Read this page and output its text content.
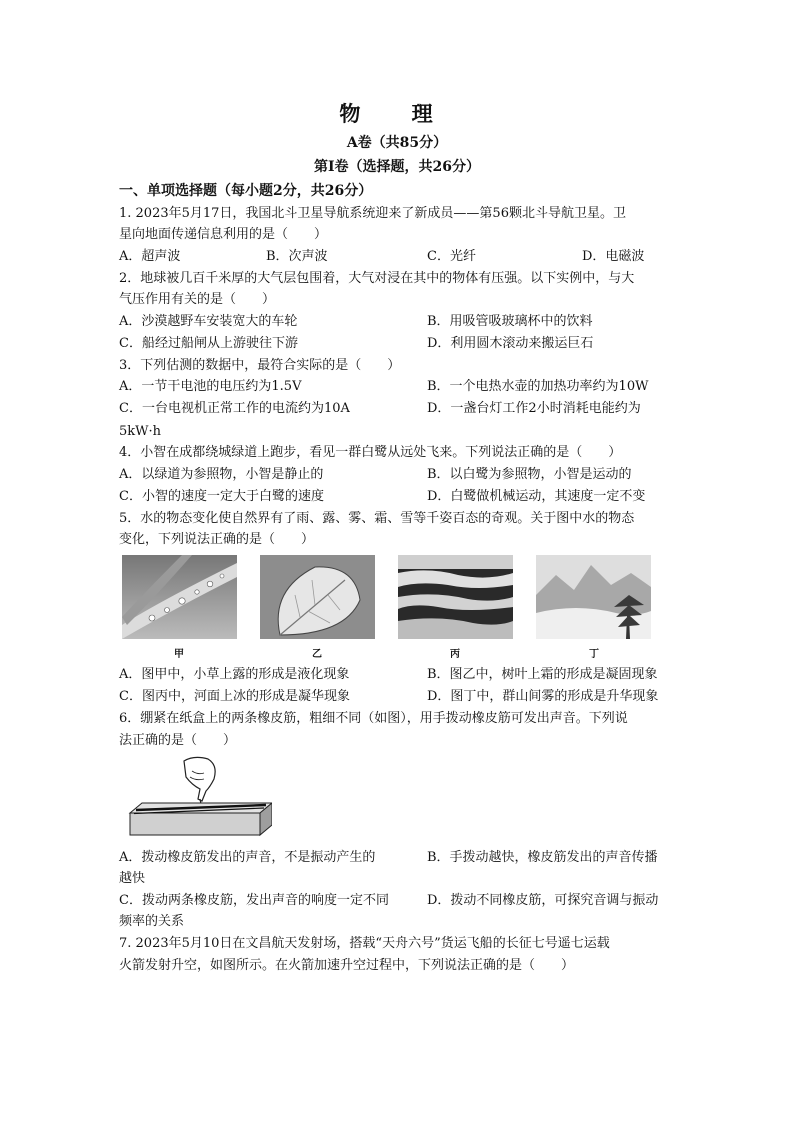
物 理
A卷（共85分）
第Ⅰ卷（选择题，共26分）
一、单项选择题（每小题2分，共26分）
1. 2023年5月17日，我国北斗卫星导航系统迎来了新成员——第56颗北斗导航卫星。卫
星向地面传递信息利用的是（　　）
A．超声波	B．次声波	C．光纤	D．电磁波
2．地球被几百千米厚的大气层包围着，大气对浸在其中的物体有压强。以下实例中，与大
气压作用有关的是（　　）
A．沙漠越野车安装宽大的车轮	B．用吸管吸玻璃杯中的饮料
C．船经过船闸从上游驶往下游	D．利用圆木滚动来搬运巨石
3．下列估测的数据中，最符合实际的是（　　）
A．一节干电池的电压约为1.5V	B．一个电热水壶的加热功率约为10W
C．一台电视机正常工作的电流约为10A	D．一盏台灯工作2小时消耗电能约为
5kW·h
4．小智在成都绕城绿道上跑步，看见一群白鹭从远处飞来。下列说法正确的是（　　）
A．以绿道为参照物，小智是静止的	B．以白鹭为参照物，小智是运动的
C．小智的速度一定大于白鹭的速度	D．白鹭做机械运动，其速度一定不变
5．水的物态变化使自然界有了雨、露、雾、霜、雪等千姿百态的奇观。关于图中水的物态
变化，下列说法正确的是（　　）
甲	乙	丙	丁
A．图甲中，小草上露的形成是液化现象	B．图乙中，树叶上霜的形成是凝固现象
C．图丙中，河面上冰的形成是凝华现象	D．图丁中，群山间雾的形成是升华现象
6．绷紧在纸盒上的两条橡皮筋，粗细不同（如图），用手拨动橡皮筋可发出声音。下列说
法正确的是（　　）
A．拨动橡皮筋发出的声音，不是振动产生的	B．手拨动越快，橡皮筋发出的声音传播
越快
C．拨动两条橡皮筋，发出声音的响度一定不同	D．拨动不同橡皮筋，可探究音调与振动
频率的关系
7. 2023年5月10日在文昌航天发射场，搭载“天舟六号”货运飞船的长征七号遥七运载
火箭发射升空，如图所示。在火箭加速升空过程中，下列说法正确的是（　　）
